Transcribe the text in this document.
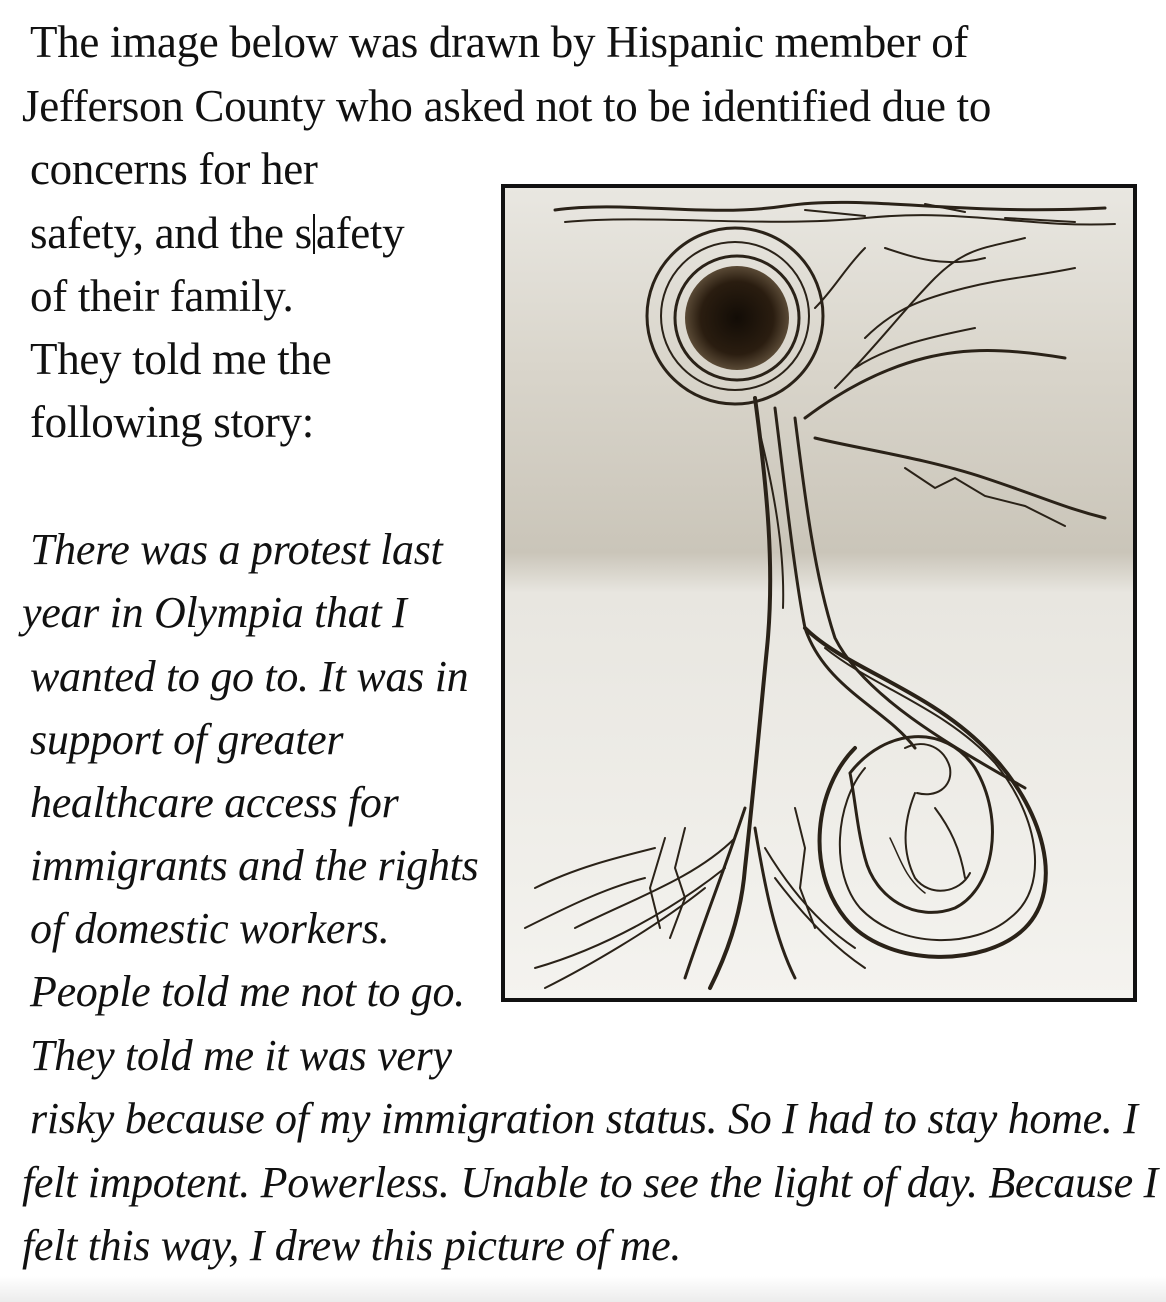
The image below was drawn by Hispanic member of
Jefferson County who asked not to be identified due to
concerns for her
safety, and the safety
of their family.
They told me the
following story:
There was a protest last
year in Olympia that I
wanted to go to. It was in
support of greater
healthcare access for
immigrants and the rights
of domestic workers.
People told me not to go.
They told me it was very
risky because of my immigration status. So I had to stay home. I
felt impotent. Powerless. Unable to see the light of day. Because I
felt this way, I drew this picture of me.
